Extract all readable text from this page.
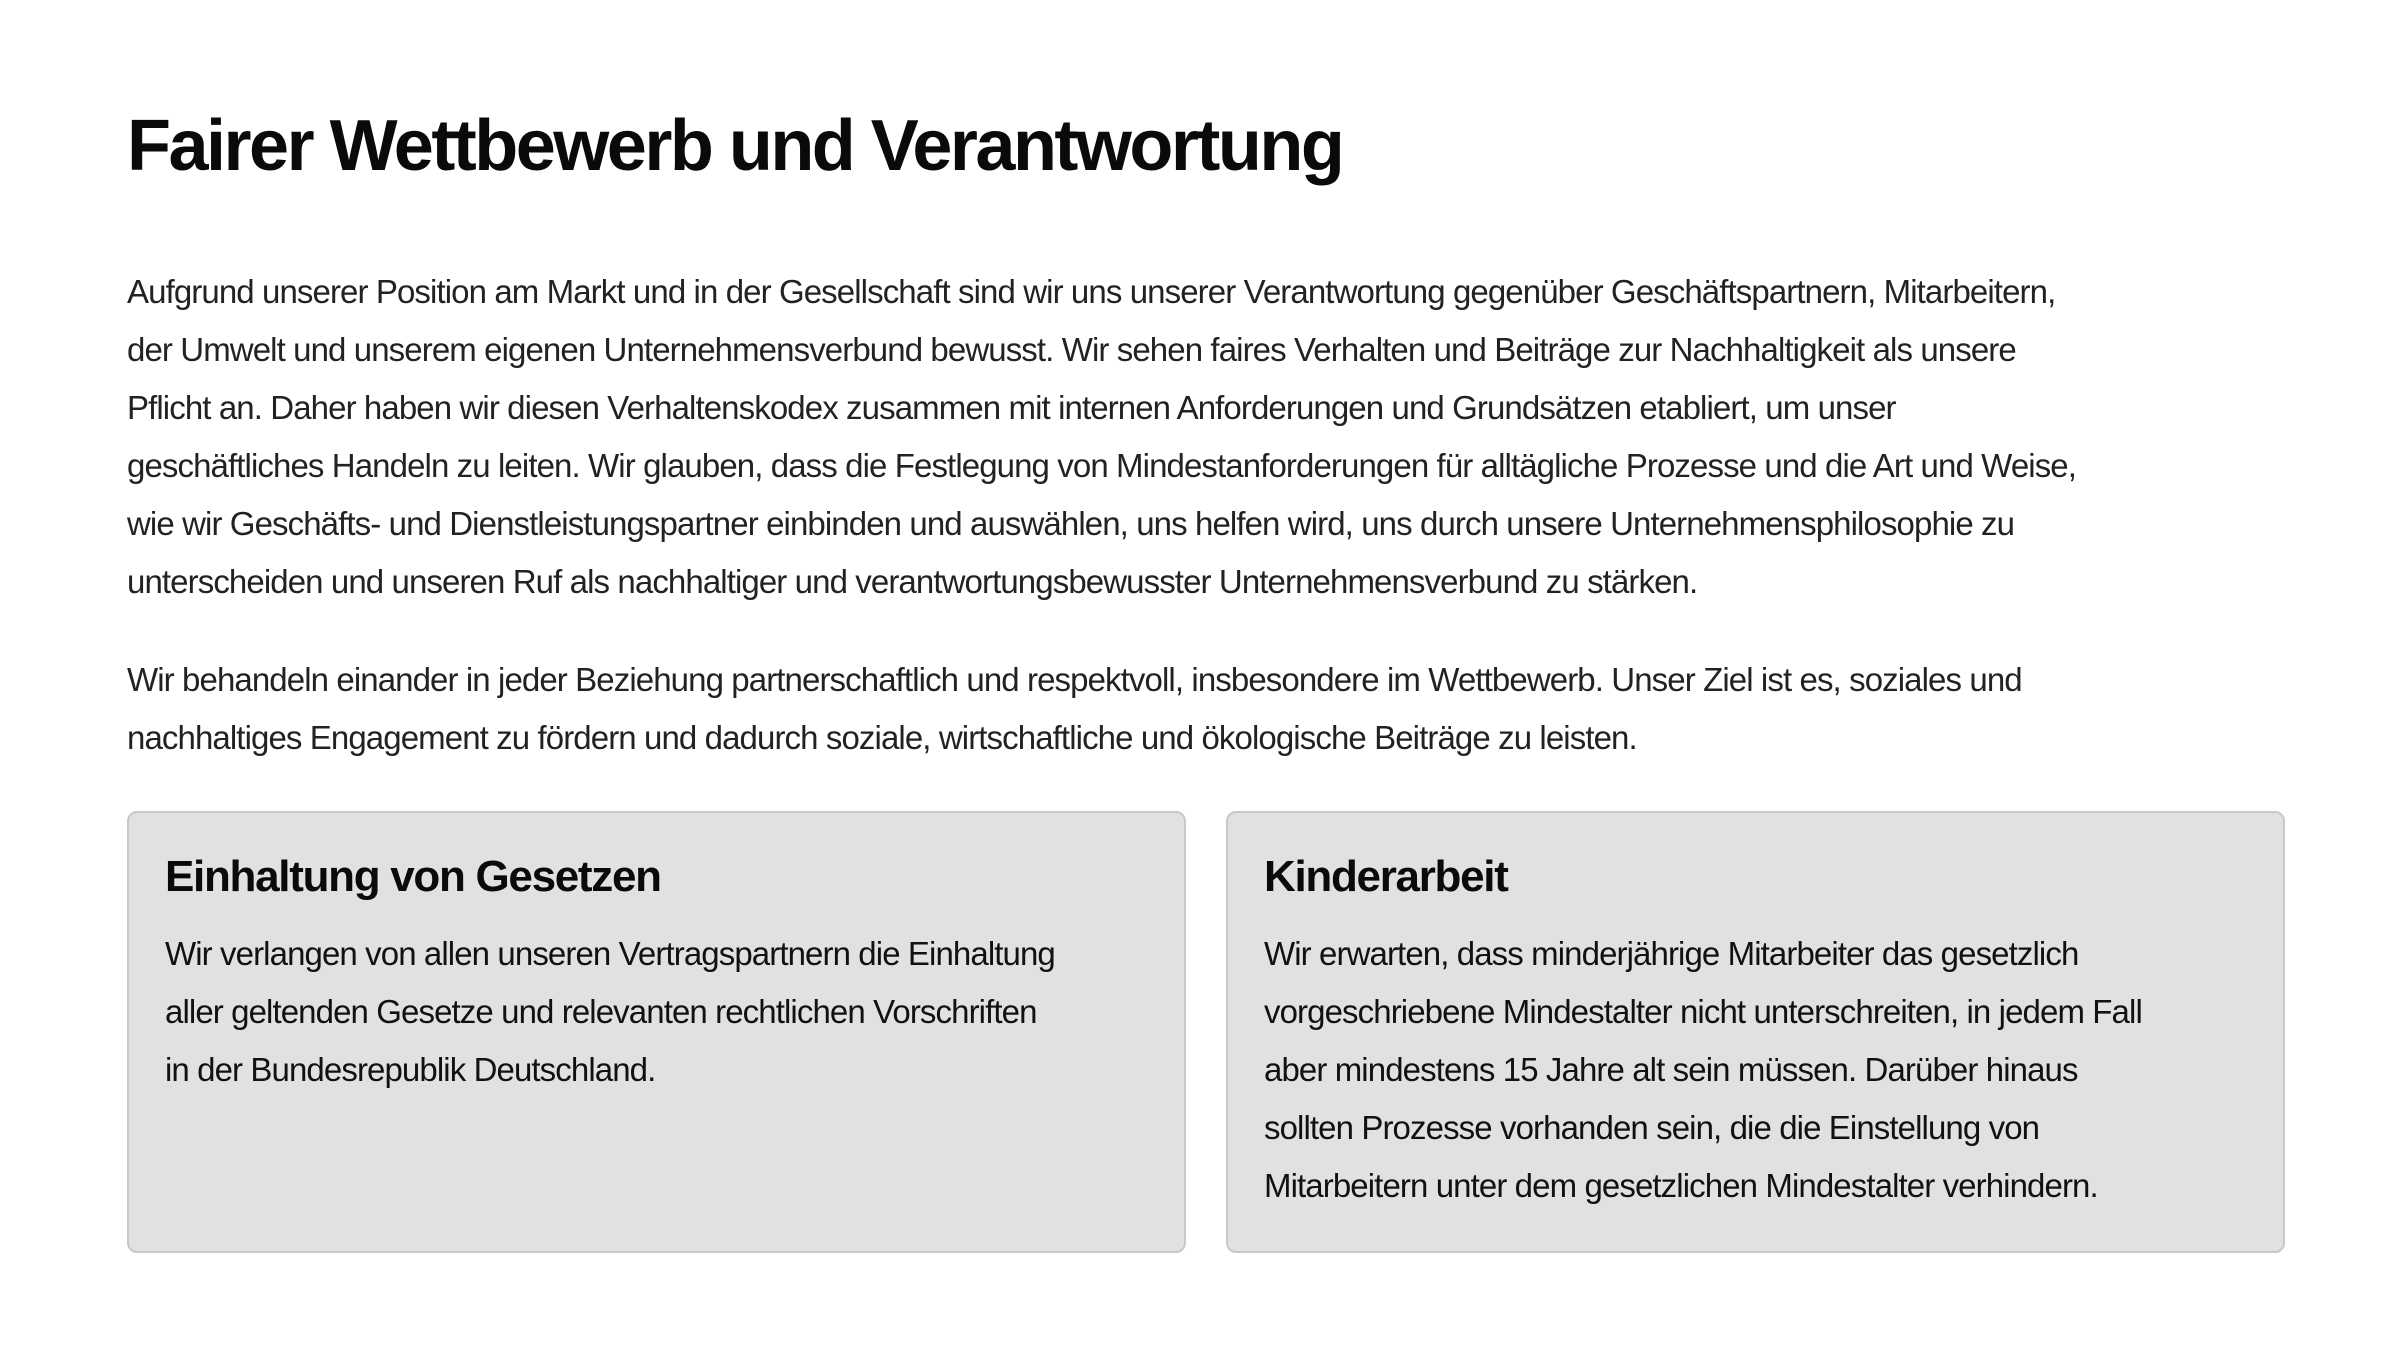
Fairer Wettbewerb und Verantwortung

Aufgrund unserer Position am Markt und in der Gesellschaft sind wir uns unserer Verantwortung gegenüber Geschäftspartnern, Mitarbeitern,
der Umwelt und unserem eigenen Unternehmensverbund bewusst. Wir sehen faires Verhalten und Beiträge zur Nachhaltigkeit als unsere
Pflicht an. Daher haben wir diesen Verhaltenskodex zusammen mit internen Anforderungen und Grundsätzen etabliert, um unser
geschäftliches Handeln zu leiten. Wir glauben, dass die Festlegung von Mindestanforderungen für alltägliche Prozesse und die Art und Weise,
wie wir Geschäfts- und Dienstleistungspartner einbinden und auswählen, uns helfen wird, uns durch unsere Unternehmensphilosophie zu
unterscheiden und unseren Ruf als nachhaltiger und verantwortungsbewusster Unternehmensverbund zu stärken.

Wir behandeln einander in jeder Beziehung partnerschaftlich und respektvoll, insbesondere im Wettbewerb. Unser Ziel ist es, soziales und
nachhaltiges Engagement zu fördern und dadurch soziale, wirtschaftliche und ökologische Beiträge zu leisten.

Einhaltung von Gesetzen

Wir verlangen von allen unseren Vertragspartnern die Einhaltung
aller geltenden Gesetze und relevanten rechtlichen Vorschriften
in der Bundesrepublik Deutschland.

Kinderarbeit

Wir erwarten, dass minderjährige Mitarbeiter das gesetzlich
vorgeschriebene Mindestalter nicht unterschreiten, in jedem Fall
aber mindestens 15 Jahre alt sein müssen. Darüber hinaus
sollten Prozesse vorhanden sein, die die Einstellung von
Mitarbeitern unter dem gesetzlichen Mindestalter verhindern.
